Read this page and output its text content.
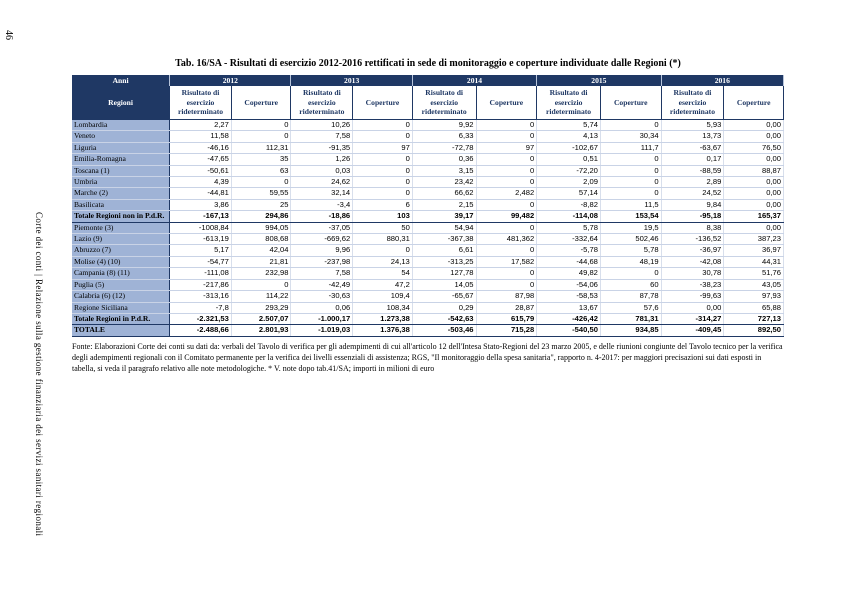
46
Corte dei conti | Relazione sulla gestione finanziaria dei servizi sanitari regionali
Tab. 16/SA - Risultati di esercizio 2012-2016 rettificati in sede di monitoraggio e coperture individuate dalle Regioni (*)
Anni	2012		2013		2014		2015		2016	
Regioni	Risultato di esercizio rideterminato	Coperture	Risultato di esercizio rideterminato	Coperture	Risultato di esercizio rideterminato	Coperture	Risultato di esercizio rideterminato	Coperture	Risultato di esercizio rideterminato	Coperture
Lombardia	2,27	0	10,26	0	9,92	0	5,74	0	5,93	0,00
Veneto	11,58	0	7,58	0	6,33	0	4,13	30,34	13,73	0,00
Liguria	-46,16	112,31	-91,35	97	-72,78	97	-102,67	111,7	-63,67	76,50
Emilia-Romagna	-47,65	35	1,26	0	0,36	0	0,51	0	0,17	0,00
Toscana (1)	-50,61	63	0,03	0	3,15	0	-72,20	0	-88,59	88,87
Umbria	4,39	0	24,62	0	23,42	0	2,09	0	2,89	0,00
Marche (2)	-44,81	59,55	32,14	0	66,62	2,482	57,14	0	24,52	0,00
Basilicata	3,86	25	-3,4	6	2,15	0	-8,82	11,5	9,84	0,00
Totale Regioni non in P.d.R.	-167,13	294,86	-18,86	103	39,17	99,482	-114,08	153,54	-95,18	165,37
Piemonte (3)	-1008,84	994,05	-37,05	50	54,94	0	5,78	19,5	8,38	0,00
Lazio (9)	-613,19	808,68	-669,62	880,31	-367,38	481,362	-332,64	502,46	-136,52	387,23
Abruzzo (7)	5,17	42,04	9,96	0	6,61	0	-5,78	5,78	-36,97	36,97
Molise (4) (10)	-54,77	21,81	-237,98	24,13	-313,25	17,582	-44,68	48,19	-42,08	44,31
Campania (8) (11)	-111,08	232,98	7,58	54	127,78	0	49,82	0	30,78	51,76
Puglia (5)	-217,86	0	-42,49	47,2	14,05	0	-54,06	60	-38,23	43,05
Calabria (6) (12)	-313,16	114,22	-30,63	109,4	-65,67	87,98	-58,53	87,78	-99,63	97,93
Regione Siciliana	-7,8	293,29	0,06	108,34	0,29	28,87	13,67	57,6	0,00	65,88
Totale Regioni in P.d.R.	-2.321,53	2.507,07	-1.000,17	1.273,38	-542,63	615,79	-426,42	781,31	-314,27	727,13
TOTALE	-2.488,66	2.801,93	-1.019,03	1.376,38	-503,46	715,28	-540,50	934,85	-409,45	892,50
Fonte: Elaborazioni Corte dei conti su dati da: verbali del Tavolo di verifica per gli adempimenti di cui all'articolo 12 dell'Intesa Stato-Regioni del 23 marzo 2005, e delle riunioni congiunte del Tavolo tecnico per la verifica degli adempimenti regionali con il Comitato permanente per la verifica dei livelli essenziali di assistenza; RGS, "Il monitoraggio della spesa sanitaria", rapporto n. 4-2017: per maggiori precisazioni sui dati esposti in tabella, si veda il paragrafo relativo alle note metodologiche. * V. note dopo tab.41/SA; importi in milioni di euro
